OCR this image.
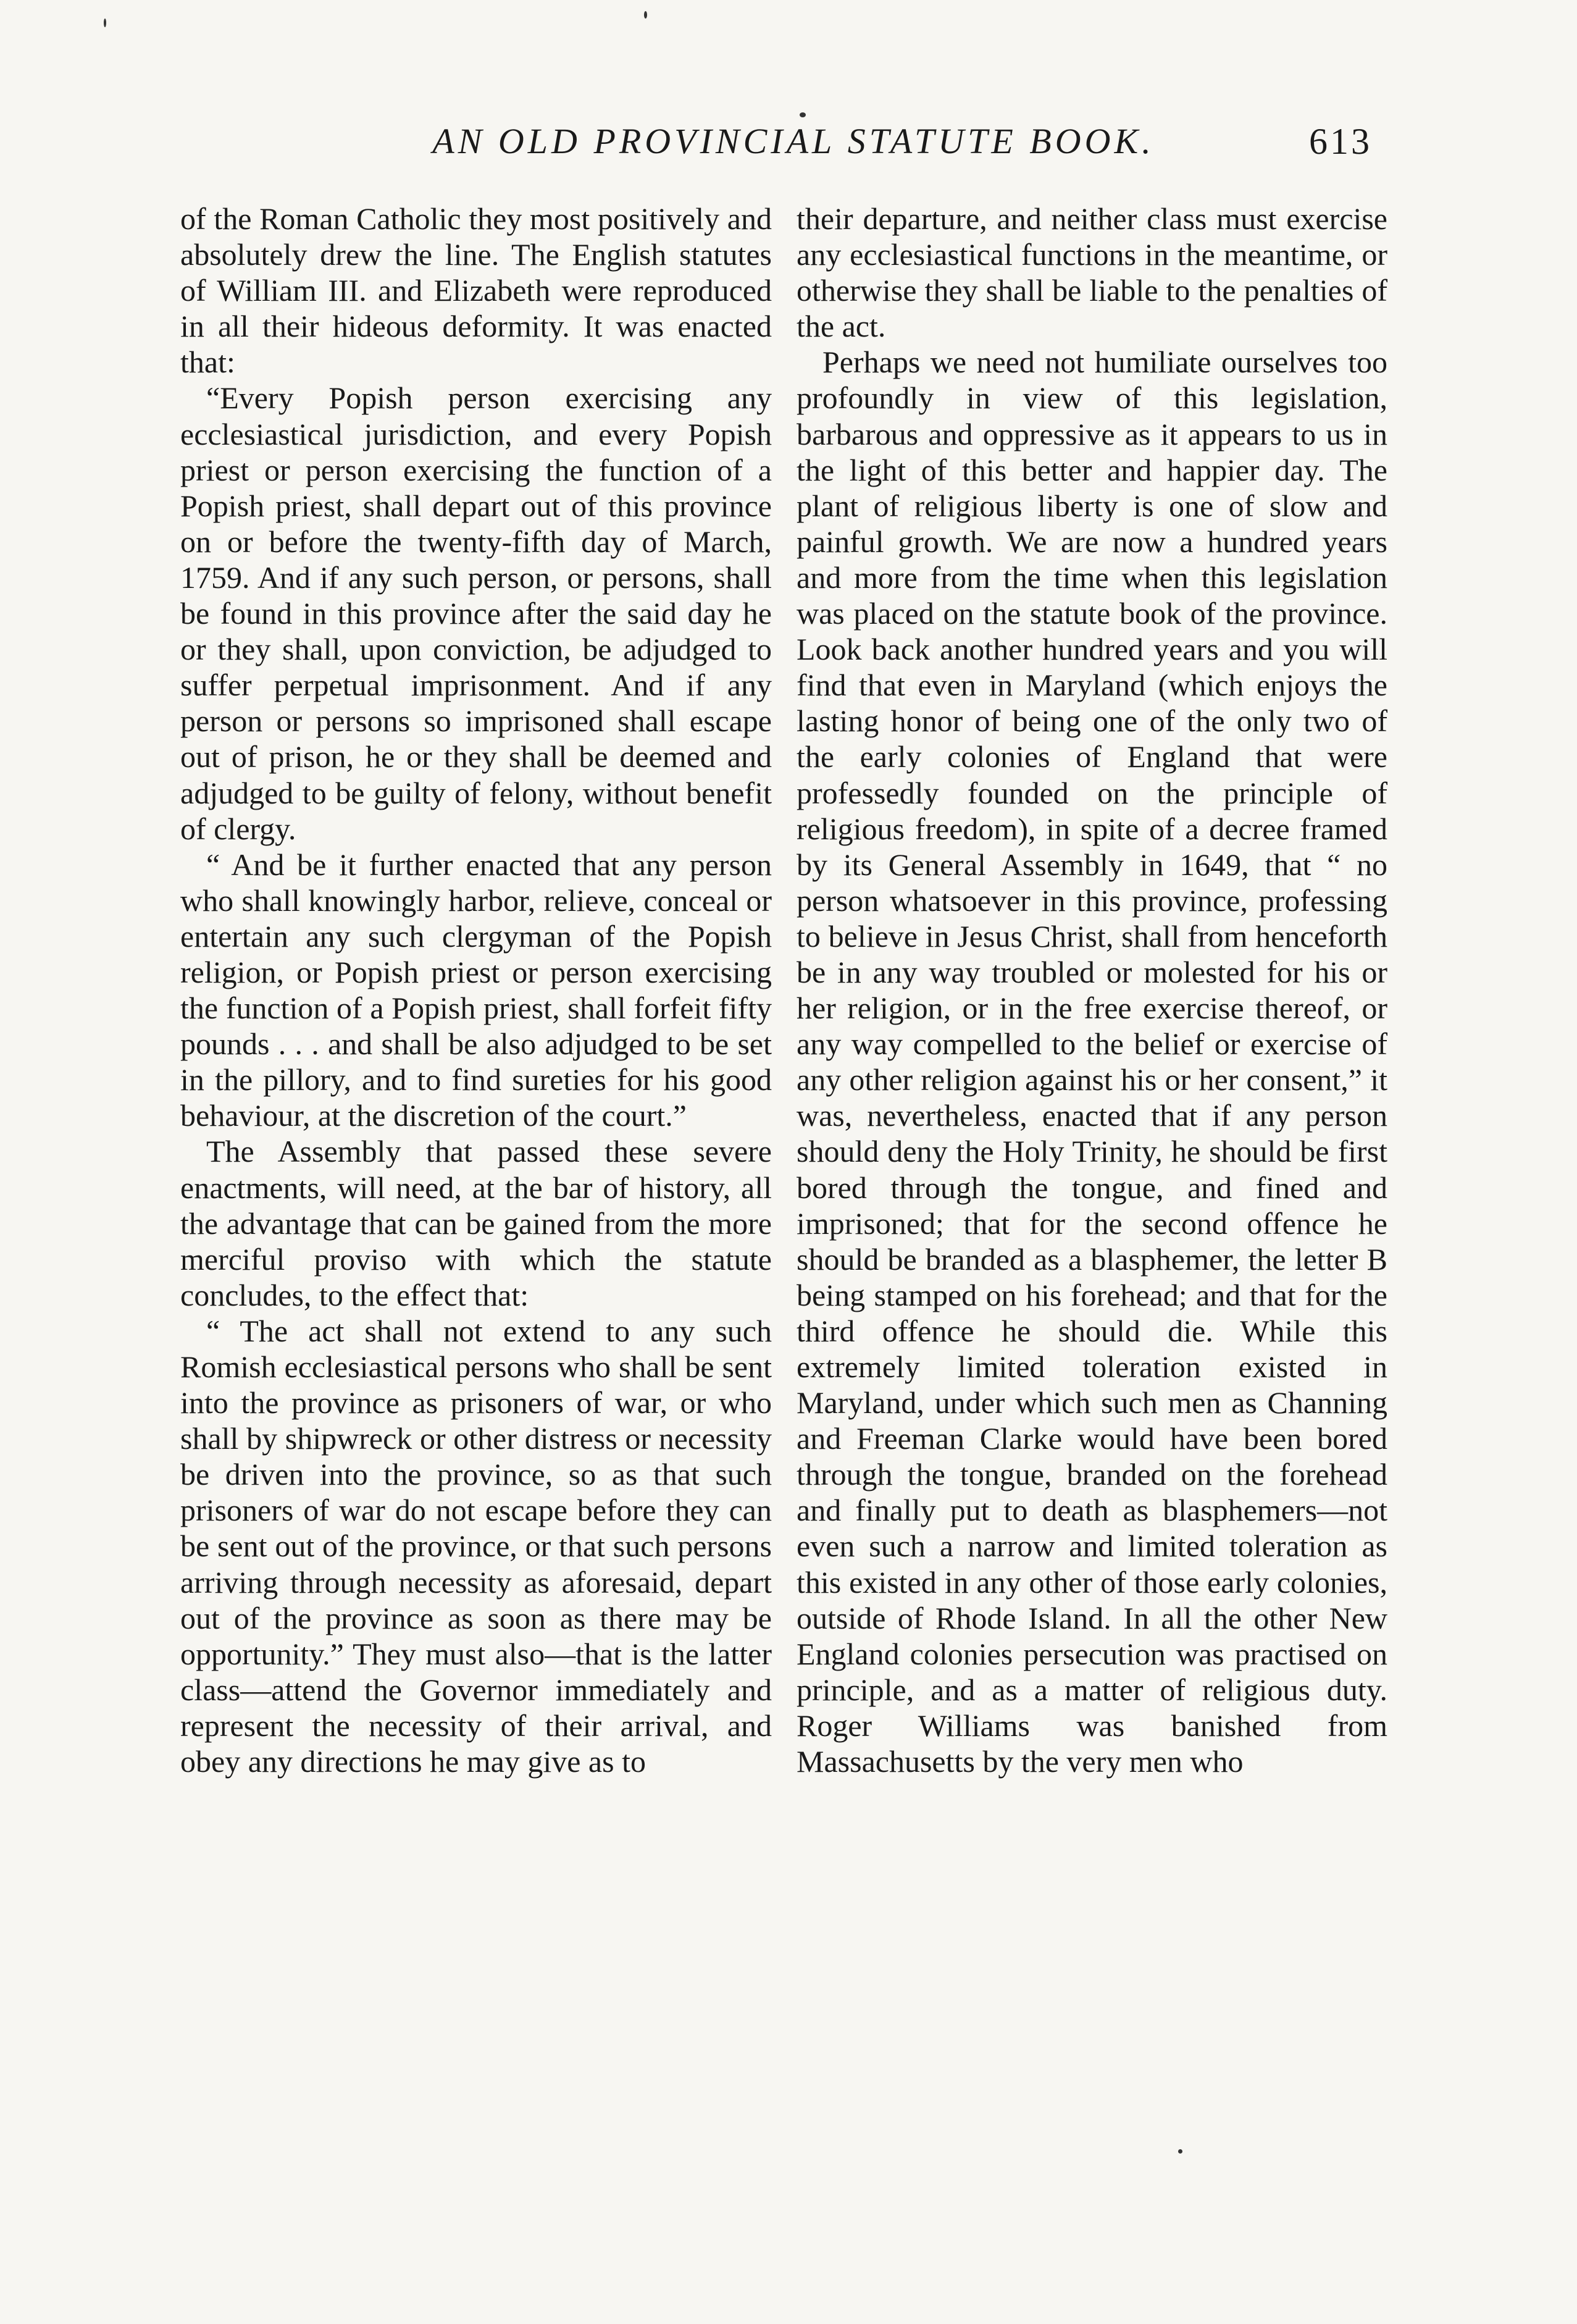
AN OLD PROVINCIAL STATUTE BOOK.	613

of the Roman Catholic they most positively and absolutely drew the line. The English statutes of William III. and Elizabeth were reproduced in all their hideous deformity. It was enacted that:

“Every Popish person exercising any ecclesiastical jurisdiction, and every Popish priest or person exercising the function of a Popish priest, shall depart out of this province on or before the twenty-fifth day of March, 1759. And if any such person, or persons, shall be found in this province after the said day he or they shall, upon conviction, be adjudged to suffer perpetual imprisonment. And if any person or persons so imprisoned shall escape out of prison, he or they shall be deemed and adjudged to be guilty of felony, without benefit of clergy.

“ And be it further enacted that any person who shall knowingly harbor, relieve, conceal or entertain any such clergyman of the Popish religion, or Popish priest or person exercising the function of a Popish priest, shall forfeit fifty pounds . . . and shall be also adjudged to be set in the pillory, and to find sureties for his good behaviour, at the discretion of the court.”

The Assembly that passed these severe enactments, will need, at the bar of history, all the advantage that can be gained from the more merciful proviso with which the statute concludes, to the effect that:

“ The act shall not extend to any such Romish ecclesiastical persons who shall be sent into the province as prisoners of war, or who shall by shipwreck or other distress or necessity be driven into the province, so as that such prisoners of war do not escape before they can be sent out of the province, or that such persons arriving through necessity as aforesaid, depart out of the province as soon as there may be opportunity.” They must also—that is the latter class—attend the Governor immediately and represent the necessity of their arrival, and obey any directions he may give as to

their departure, and neither class must exercise any ecclesiastical functions in the meantime, or otherwise they shall be liable to the penalties of the act.

Perhaps we need not humiliate ourselves too profoundly in view of this legislation, barbarous and oppressive as it appears to us in the light of this better and happier day. The plant of religious liberty is one of slow and painful growth. We are now a hundred years and more from the time when this legislation was placed on the statute book of the province. Look back another hundred years and you will find that even in Maryland (which enjoys the lasting honor of being one of the only two of the early colonies of England that were professedly founded on the principle of religious freedom), in spite of a decree framed by its General Assembly in 1649, that “ no person whatsoever in this province, professing to believe in Jesus Christ, shall from henceforth be in any way troubled or molested for his or her religion, or in the free exercise thereof, or any way compelled to the belief or exercise of any other religion against his or her consent,” it was, nevertheless, enacted that if any person should deny the Holy Trinity, he should be first bored through the tongue, and fined and imprisoned; that for the second offence he should be branded as a blasphemer, the letter B being stamped on his forehead; and that for the third offence he should die. While this extremely limited toleration existed in Maryland, under which such men as Channing and Freeman Clarke would have been bored through the tongue, branded on the forehead and finally put to death as blasphemers—not even such a narrow and limited toleration as this existed in any other of those early colonies, outside of Rhode Island. In all the other New England colonies persecution was practised on principle, and as a matter of religious duty. Roger Williams was banished from Massachusetts by the very men who
